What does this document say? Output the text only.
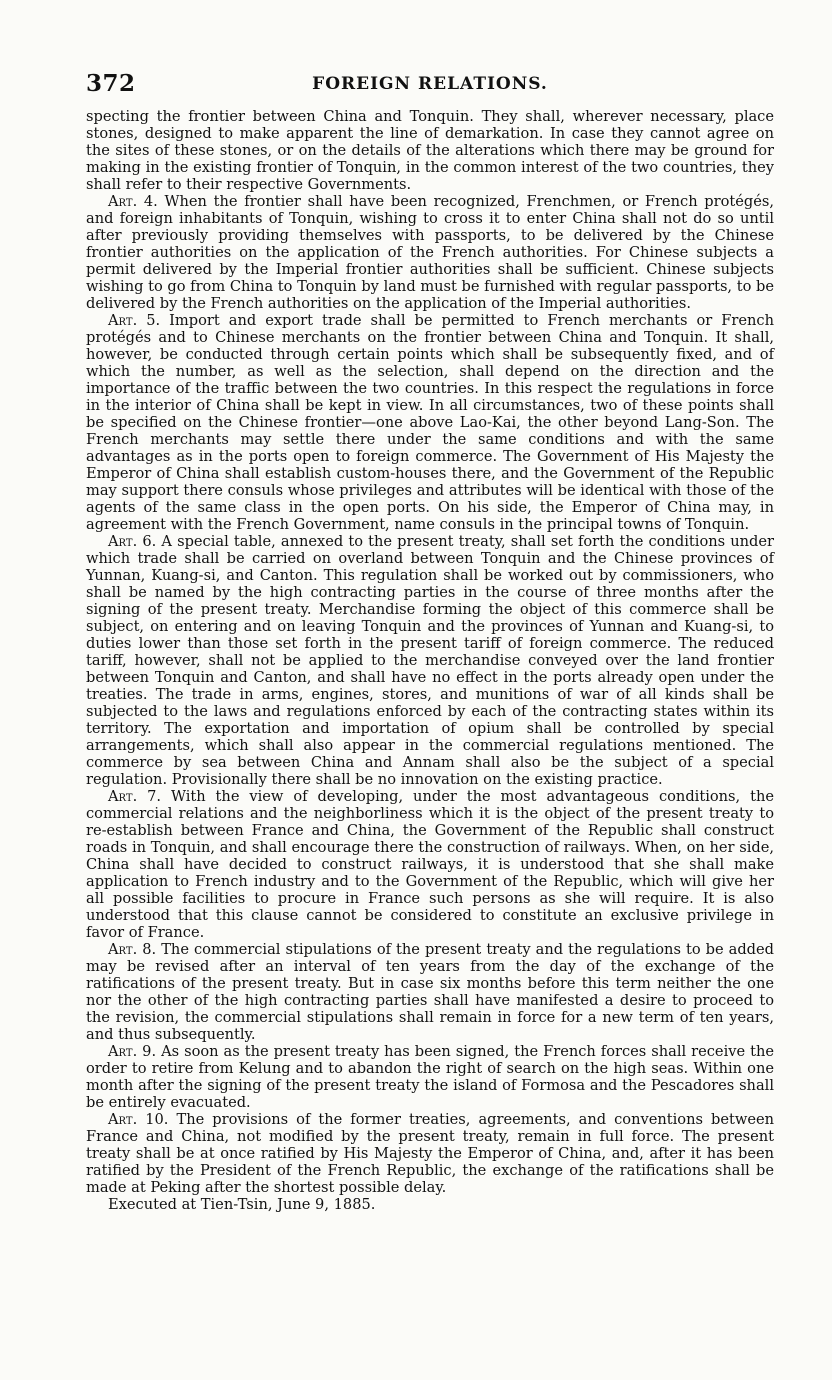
372	FOREIGN RELATIONS.

specting the frontier between China and Tonquin. They shall, wherever necessary, place stones, designed to make apparent the line of demarkation. In case they cannot agree on the sites of these stones, or on the details of the alterations which there may be ground for making in the existing frontier of Tonquin, in the common interest of the two countries, they shall refer to their respective Governments.

Art. 4. When the frontier shall have been recognized, Frenchmen, or French protégés, and foreign inhabitants of Tonquin, wishing to cross it to enter China shall not do so until after previously providing themselves with passports, to be delivered by the Chinese frontier authorities on the application of the French authorities. For Chinese subjects a permit delivered by the Imperial frontier authorities shall be sufficient. Chinese subjects wishing to go from China to Tonquin by land must be furnished with regular passports, to be delivered by the French authorities on the application of the Imperial authorities.

Art. 5. Import and export trade shall be permitted to French merchants or French protégés and to Chinese merchants on the frontier between China and Tonquin. It shall, however, be conducted through certain points which shall be subsequently fixed, and of which the number, as well as the selection, shall depend on the direction and the importance of the traffic between the two countries. In this respect the regulations in force in the interior of China shall be kept in view. In all circumstances, two of these points shall be specified on the Chinese frontier—one above Lao-Kai, the other beyond Lang-Son. The French merchants may settle there under the same conditions and with the same advantages as in the ports open to foreign commerce. The Government of His Majesty the Emperor of China shall establish custom-houses there, and the Government of the Republic may support there consuls whose privileges and attributes will be identical with those of the agents of the same class in the open ports. On his side, the Emperor of China may, in agreement with the French Government, name consuls in the principal towns of Tonquin.

Art. 6. A special table, annexed to the present treaty, shall set forth the conditions under which trade shall be carried on overland between Tonquin and the Chinese provinces of Yunnan, Kuang-si, and Canton. This regulation shall be worked out by commissioners, who shall be named by the high contracting parties in the course of three months after the signing of the present treaty. Merchandise forming the object of this commerce shall be subject, on entering and on leaving Tonquin and the provinces of Yunnan and Kuang-si, to duties lower than those set forth in the present tariff of foreign commerce. The reduced tariff, however, shall not be applied to the merchandise conveyed over the land frontier between Tonquin and Canton, and shall have no effect in the ports already open under the treaties. The trade in arms, engines, stores, and munitions of war of all kinds shall be subjected to the laws and regulations enforced by each of the contracting states within its territory. The exportation and importation of opium shall be controlled by special arrangements, which shall also appear in the commercial regulations mentioned. The commerce by sea between China and Annam shall also be the subject of a special regulation. Provisionally there shall be no innovation on the existing practice.

Art. 7. With the view of developing, under the most advantageous conditions, the commercial relations and the neighborliness which it is the object of the present treaty to re-establish between France and China, the Government of the Republic shall construct roads in Tonquin, and shall encourage there the construction of railways. When, on her side, China shall have decided to construct railways, it is understood that she shall make application to French industry and to the Government of the Republic, which will give her all possible facilities to procure in France such persons as she will require. It is also understood that this clause cannot be considered to constitute an exclusive privilege in favor of France.

Art. 8. The commercial stipulations of the present treaty and the regulations to be added may be revised after an interval of ten years from the day of the exchange of the ratifications of the present treaty. But in case six months before this term neither the one nor the other of the high contracting parties shall have manifested a desire to proceed to the revision, the commercial stipulations shall remain in force for a new term of ten years, and thus subsequently.

Art. 9. As soon as the present treaty has been signed, the French forces shall receive the order to retire from Kelung and to abandon the right of search on the high seas. Within one month after the signing of the present treaty the island of Formosa and the Pescadores shall be entirely evacuated.

Art. 10. The provisions of the former treaties, agreements, and conventions between France and China, not modified by the present treaty, remain in full force. The present treaty shall be at once ratified by His Majesty the Emperor of China, and, after it has been ratified by the President of the French Republic, the exchange of the ratifications shall be made at Peking after the shortest possible delay.

Executed at Tien-Tsin, June 9, 1885.
